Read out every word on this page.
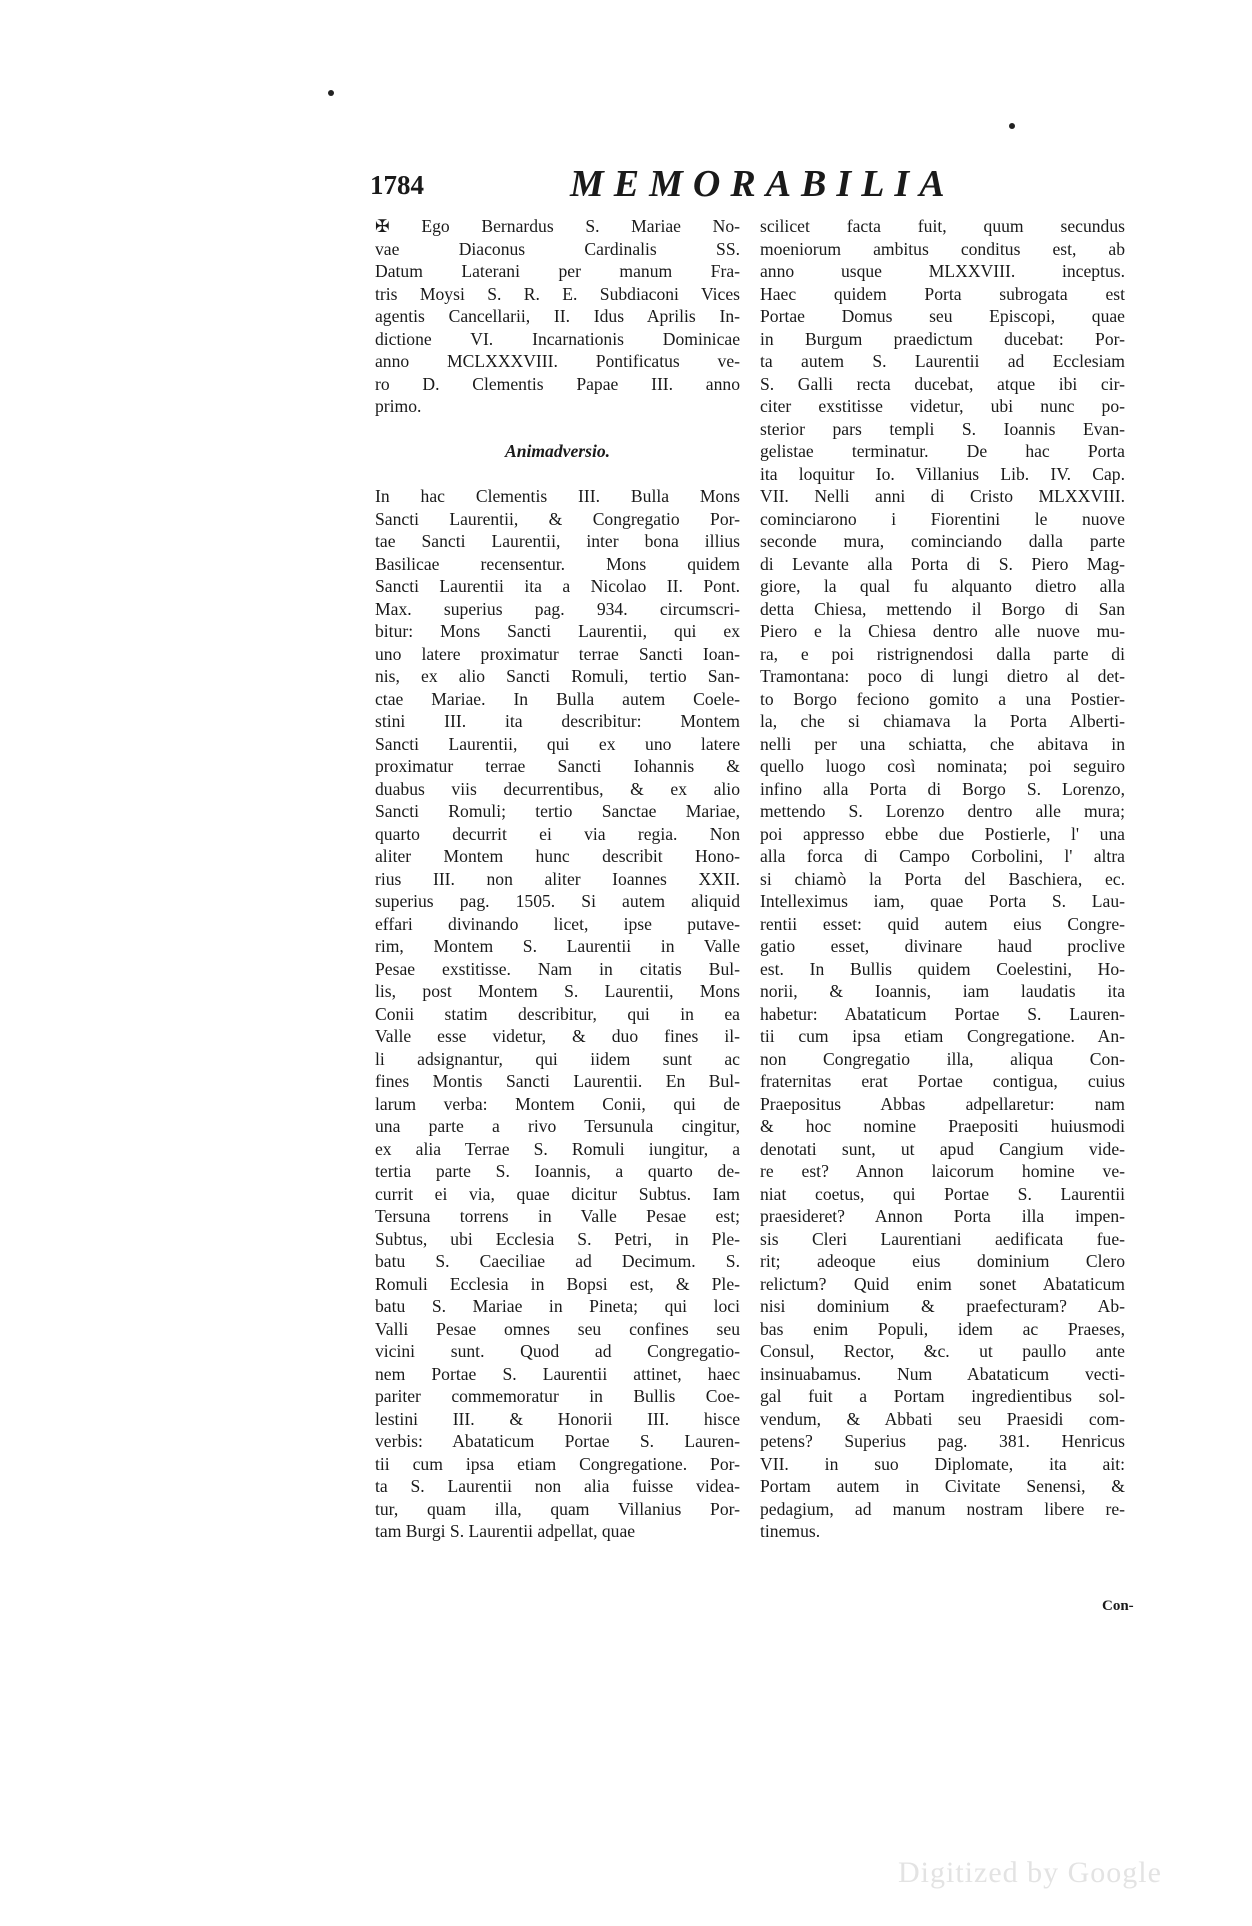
1784	MEMORABILIA
✠ Ego Bernardus S. Mariae No-
vae Diaconus Cardinalis SS.
Datum Laterani per manum Fra-
tris Moysi S. R. E. Subdiaconi Vices
agentis Cancellarii, II. Idus Aprilis In-
dictione VI. Incarnationis Dominicae
anno MCLXXXVIII. Pontificatus ve-
ro D. Clementis Papae III. anno
primo.
Animadversio.
In hac Clementis III. Bulla Mons
Sancti Laurentii, & Congregatio Por-
tae Sancti Laurentii, inter bona illius
Basilicae recensentur. Mons quidem
Sancti Laurentii ita a Nicolao II. Pont.
Max. superius pag. 934. circumscri-
bitur: Mons Sancti Laurentii, qui ex
uno latere proximatur terrae Sancti Ioan-
nis, ex alio Sancti Romuli, tertio San-
ctae Mariae. In Bulla autem Coele-
stini III. ita describitur: Montem
Sancti Laurentii, qui ex uno latere
proximatur terrae Sancti Iohannis &
duabus viis decurrentibus, & ex alio
Sancti Romuli; tertio Sanctae Mariae,
quarto decurrit ei via regia. Non
aliter Montem hunc describit Hono-
rius III. non aliter Ioannes XXII.
superius pag. 1505. Si autem aliquid
effari divinando licet, ipse putave-
rim, Montem S. Laurentii in Valle
Pesae exstitisse. Nam in citatis Bul-
lis, post Montem S. Laurentii, Mons
Conii statim describitur, qui in ea
Valle esse videtur, & duo fines il-
li adsignantur, qui iidem sunt ac
fines Montis Sancti Laurentii. En Bul-
larum verba: Montem Conii, qui de
una parte a rivo Tersunula cingitur,
ex alia Terrae S. Romuli iungitur, a
tertia parte S. Ioannis, a quarto de-
currit ei via, quae dicitur Subtus. Iam
Tersuna torrens in Valle Pesae est;
Subtus, ubi Ecclesia S. Petri, in Ple-
batu S. Caeciliae ad Decimum. S.
Romuli Ecclesia in Bopsi est, & Ple-
batu S. Mariae in Pineta; qui loci
Valli Pesae omnes seu confines seu
vicini sunt. Quod ad Congregatio-
nem Portae S. Laurentii attinet, haec
pariter commemoratur in Bullis Coe-
lestini III. & Honorii III. hisce
verbis: Abataticum Portae S. Lauren-
tii cum ipsa etiam Congregatione. Por-
ta S. Laurentii non alia fuisse videa-
tur, quam illa, quam Villanius Por-
tam Burgi S. Laurentii adpellat, quae
scilicet facta fuit, quum secundus
moeniorum ambitus conditus est, ab
anno usque MLXXVIII. inceptus.
Haec quidem Porta subrogata est
Portae Domus seu Episcopi, quae
in Burgum praedictum ducebat: Por-
ta autem S. Laurentii ad Ecclesiam
S. Galli recta ducebat, atque ibi cir-
citer exstitisse videtur, ubi nunc po-
sterior pars templi S. Ioannis Evan-
gelistae terminatur. De hac Porta
ita loquitur Io. Villanius Lib. IV. Cap.
VII. Nelli anni di Cristo MLXXVIII.
cominciarono i Fiorentini le nuove
seconde mura, cominciando dalla parte
di Levante alla Porta di S. Piero Mag-
giore, la qual fu alquanto dietro alla
detta Chiesa, mettendo il Borgo di San
Piero e la Chiesa dentro alle nuove mu-
ra, e poi ristrignendosi dalla parte di
Tramontana: poco di lungi dietro al det-
to Borgo feciono gomito a una Postier-
la, che si chiamava la Porta Alberti-
nelli per una schiatta, che abitava in
quello luogo così nominata; poi seguiro
infino alla Porta di Borgo S. Lorenzo,
mettendo S. Lorenzo dentro alle mura;
poi appresso ebbe due Postierle, l' una
alla forca di Campo Corbolini, l' altra
si chiamò la Porta del Baschiera, ec.
Intelleximus iam, quae Porta S. Lau-
rentii esset: quid autem eius Congre-
gatio esset, divinare haud proclive
est. In Bullis quidem Coelestini, Ho-
norii, & Ioannis, iam laudatis ita
habetur: Abataticum Portae S. Lauren-
tii cum ipsa etiam Congregatione. An-
non Congregatio illa, aliqua Con-
fraternitas erat Portae contigua, cuius
Praepositus Abbas adpellaretur: nam
& hoc nomine Praepositi huiusmodi
denotati sunt, ut apud Cangium vide-
re est? Annon laicorum homine ve-
niat coetus, qui Portae S. Laurentii
praesideret? Annon Porta illa impen-
sis Cleri Laurentiani aedificata fue-
rit; adeoque eius dominium Clero
relictum? Quid enim sonet Abataticum
nisi dominium & praefecturam? Ab-
bas enim Populi, idem ac Praeses,
Consul, Rector, &c. ut paullo ante
insinuabamus. Num Abataticum vecti-
gal fuit a Portam ingredientibus sol-
vendum, & Abbati seu Praesidi com-
petens? Superius pag. 381. Henricus
VII. in suo Diplomate, ita ait:
Portam autem in Civitate Senensi, &
pedagium, ad manum nostram libere re-
tinemus.
Con-
Digitized by Google
